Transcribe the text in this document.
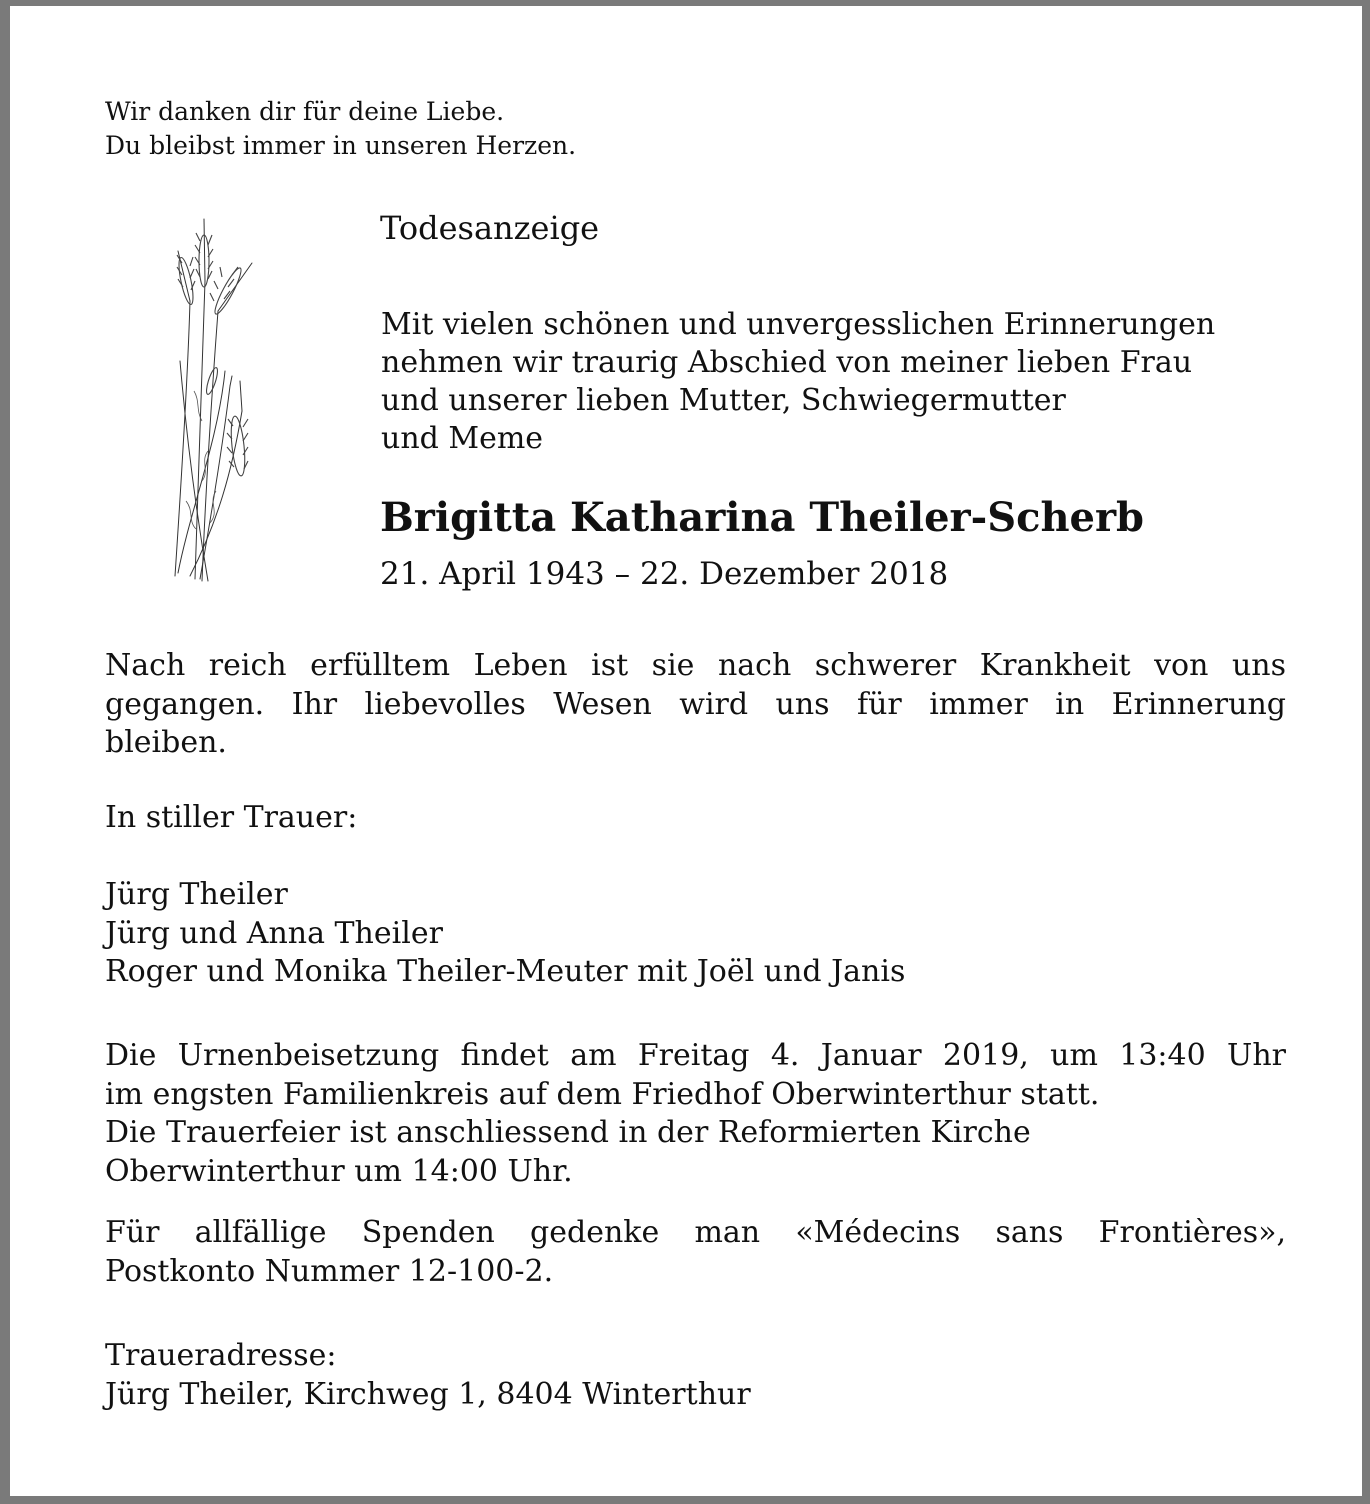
Wir danken dir für deine Liebe.
Du bleibst immer in unseren Herzen.

Todesanzeige

Mit vielen schönen und unvergesslichen Erinnerungen
nehmen wir traurig Abschied von meiner lieben Frau
und unserer lieben Mutter, Schwiegermutter
und Meme

Brigitta Katharina Theiler-Scherb
21. April 1943 – 22. Dezember 2018

Nach reich erfülltem Leben ist sie nach schwerer Krankheit von uns
gegangen. Ihr liebevolles Wesen wird uns für immer in Erinnerung
bleiben.

In stiller Trauer:

Jürg Theiler
Jürg und Anna Theiler
Roger und Monika Theiler-Meuter mit Joël und Janis

Die Urnenbeisetzung findet am Freitag 4. Januar 2019, um 13:40 Uhr
im engsten Familienkreis auf dem Friedhof Oberwinterthur statt.
Die Trauerfeier ist anschliessend in der Reformierten Kirche
Oberwinterthur um 14:00 Uhr.

Für allfällige Spenden gedenke man «Médecins sans Frontières»,
Postkonto Nummer 12-100-2.

Traueradresse:
Jürg Theiler, Kirchweg 1, 8404 Winterthur
